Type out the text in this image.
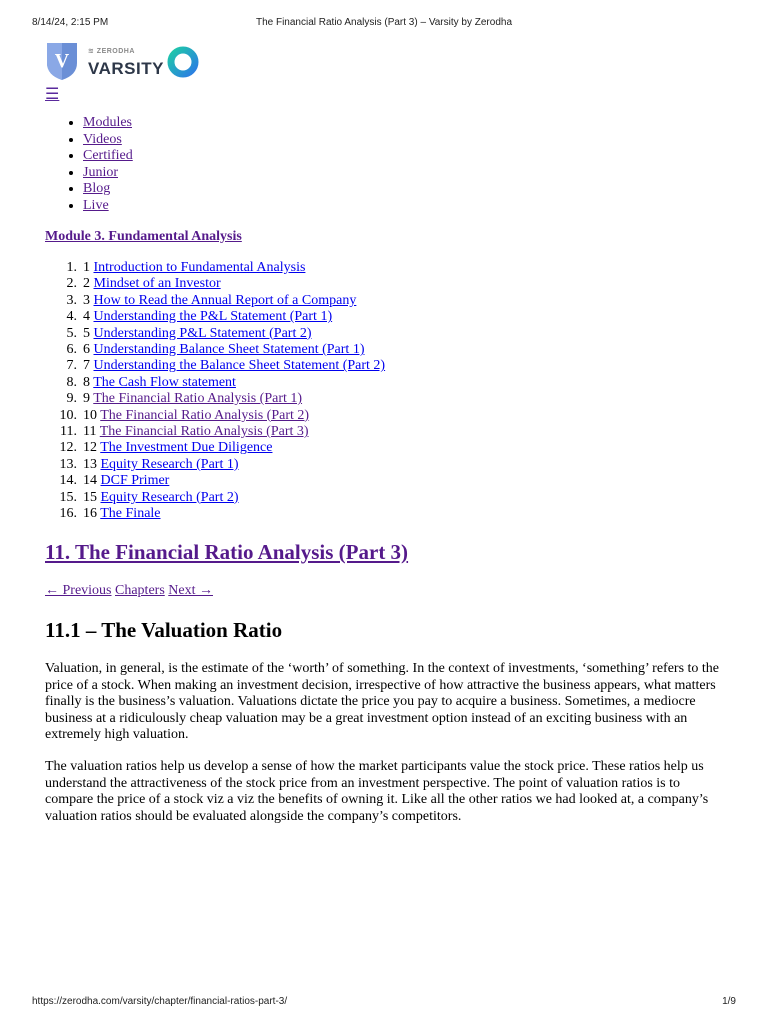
8/14/24, 2:15 PM	The Financial Ratio Analysis (Part 3) – Varsity by Zerodha
V	≋ ZERODHA
VARSITY
☰
• Modules
• Videos
• Certified
• Junior
• Blog
• Live
Module 3. Fundamental Analysis
1. 1 Introduction to Fundamental Analysis
2. 2 Mindset of an Investor
3. 3 How to Read the Annual Report of a Company
4. 4 Understanding the P&L Statement (Part 1)
5. 5 Understanding P&L Statement (Part 2)
6. 6 Understanding Balance Sheet Statement (Part 1)
7. 7 Understanding the Balance Sheet Statement (Part 2)
8. 8 The Cash Flow statement
9. 9 The Financial Ratio Analysis (Part 1)
10. 10 The Financial Ratio Analysis (Part 2)
11. 11 The Financial Ratio Analysis (Part 3)
12. 12 The Investment Due Diligence
13. 13 Equity Research (Part 1)
14. 14 DCF Primer
15. 15 Equity Research (Part 2)
16. 16 The Finale
11. The Financial Ratio Analysis (Part 3)
← Previous Chapters Next →
11.1 – The Valuation Ratio

Valuation, in general, is the estimate of the ‘worth’ of something. In the context of investments, ‘something’ refers to the price of a stock. When making an investment decision, irrespective of how attractive the business appears, what matters finally is the business’s valuation. Valuations dictate the price you pay to acquire a business. Sometimes, a mediocre business at a ridiculously cheap valuation may be a great investment option instead of an exciting business with an extremely high valuation.

The valuation ratios help us develop a sense of how the market participants value the stock price. These ratios help us understand the attractiveness of the stock price from an investment perspective. The point of valuation ratios is to compare the price of a stock viz a viz the benefits of owning it. Like all the other ratios we had looked at, a company’s valuation ratios should be evaluated alongside the company’s competitors.

https://zerodha.com/varsity/chapter/financial-ratios-part-3/	1/9
